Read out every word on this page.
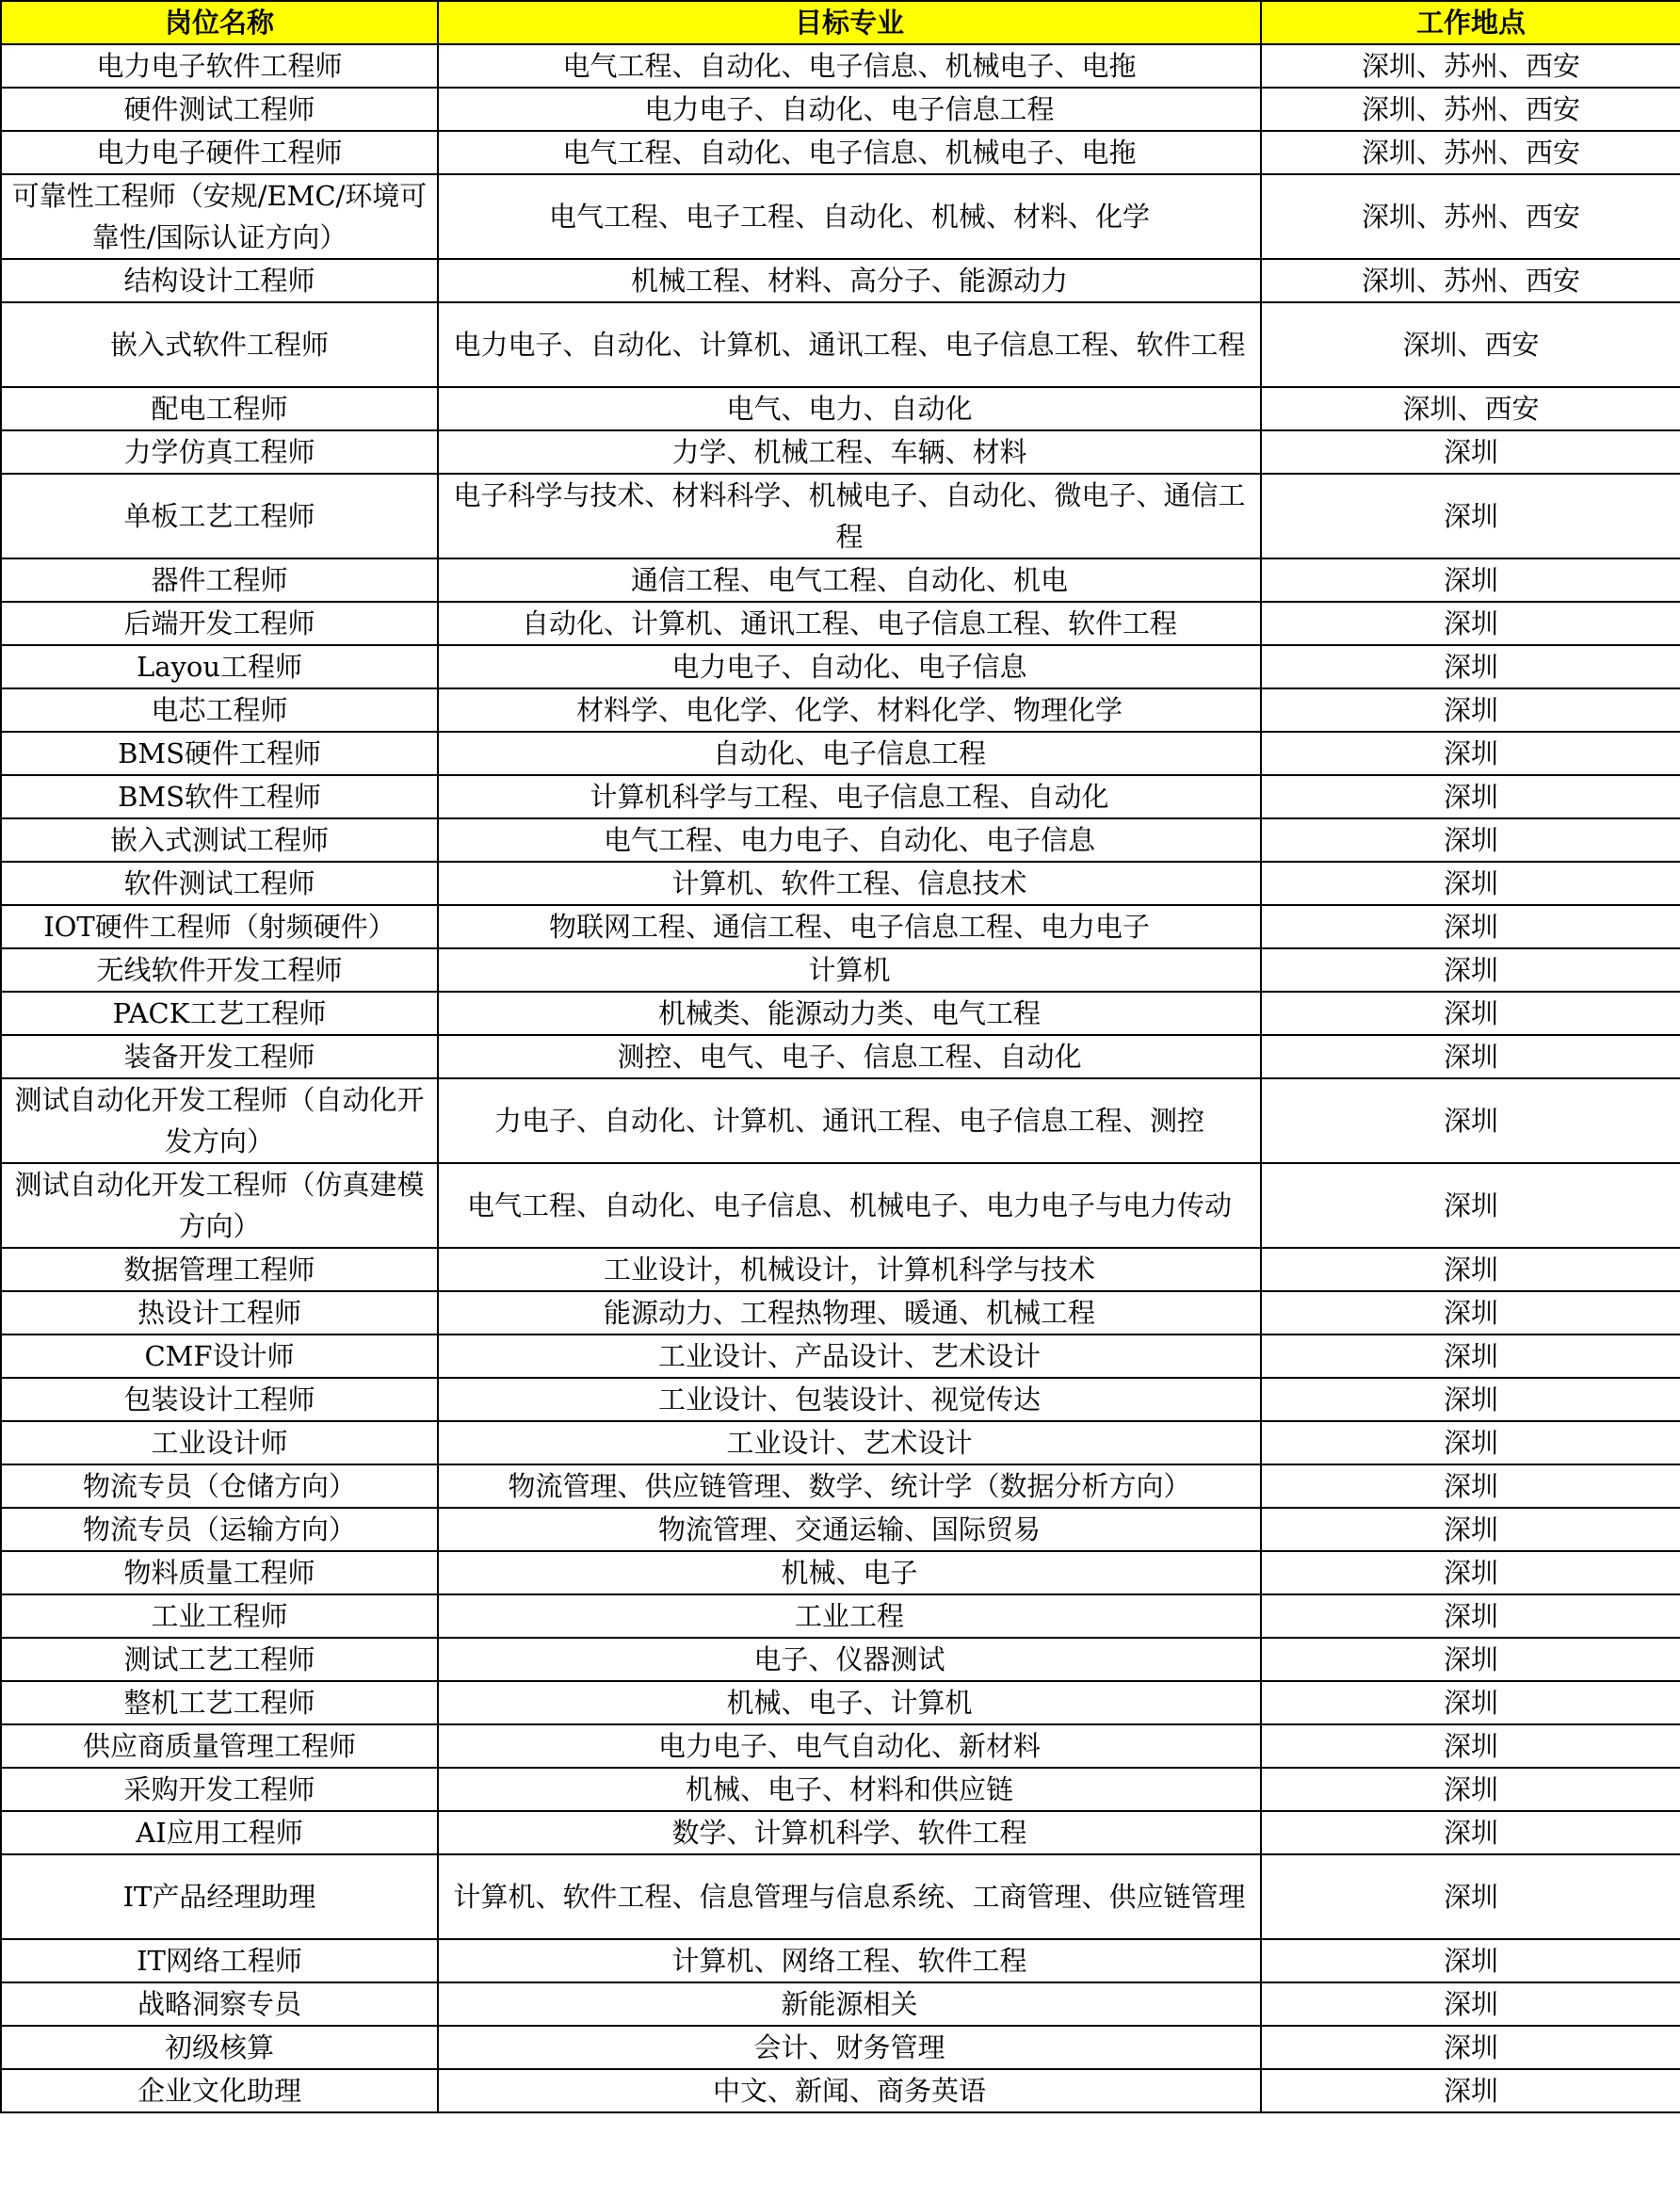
岗位名称	目标专业	工作地点
电力电子软件工程师	电气工程、自动化、电子信息、机械电子、电拖	深圳、苏州、西安
硬件测试工程师	电力电子、自动化、电子信息工程	深圳、苏州、西安
电力电子硬件工程师	电气工程、自动化、电子信息、机械电子、电拖	深圳、苏州、西安
可靠性工程师（安规/EMC/环境可靠性/国际认证方向）	电气工程、电子工程、自动化、机械、材料、化学	深圳、苏州、西安
结构设计工程师	机械工程、材料、高分子、能源动力	深圳、苏州、西安
嵌入式软件工程师	电力电子、自动化、计算机、通讯工程、电子信息工程、软件工程	深圳、西安
配电工程师	电气、电力、自动化	深圳、西安
力学仿真工程师	力学、机械工程、车辆、材料	深圳
单板工艺工程师	电子科学与技术、材料科学、机械电子、自动化、微电子、通信工程	深圳
器件工程师	通信工程、电气工程、自动化、机电	深圳
后端开发工程师	自动化、计算机、通讯工程、电子信息工程、软件工程	深圳
Layou工程师	电力电子、自动化、电子信息	深圳
电芯工程师	材料学、电化学、化学、材料化学、物理化学	深圳
BMS硬件工程师	自动化、电子信息工程	深圳
BMS软件工程师	计算机科学与工程、电子信息工程、自动化	深圳
嵌入式测试工程师	电气工程、电力电子、自动化、电子信息	深圳
软件测试工程师	计算机、软件工程、信息技术	深圳
IOT硬件工程师（射频硬件）	物联网工程、通信工程、电子信息工程、电力电子	深圳
无线软件开发工程师	计算机	深圳
PACK工艺工程师	机械类、能源动力类、电气工程	深圳
装备开发工程师	测控、电气、电子、信息工程、自动化	深圳
测试自动化开发工程师（自动化开发方向）	力电子、自动化、计算机、通讯工程、电子信息工程、测控	深圳
测试自动化开发工程师（仿真建模方向）	电气工程、自动化、电子信息、机械电子、电力电子与电力传动	深圳
数据管理工程师	工业设计，机械设计，计算机科学与技术	深圳
热设计工程师	能源动力、工程热物理、暖通、机械工程	深圳
CMF设计师	工业设计、产品设计、艺术设计	深圳
包装设计工程师	工业设计、包装设计、视觉传达	深圳
工业设计师	工业设计、艺术设计	深圳
物流专员（仓储方向）	物流管理、供应链管理、数学、统计学（数据分析方向）	深圳
物流专员（运输方向）	物流管理、交通运输、国际贸易	深圳
物料质量工程师	机械、电子	深圳
工业工程师	工业工程	深圳
测试工艺工程师	电子、仪器测试	深圳
整机工艺工程师	机械、电子、计算机	深圳
供应商质量管理工程师	电力电子、电气自动化、新材料	深圳
采购开发工程师	机械、电子、材料和供应链	深圳
AI应用工程师	数学、计算机科学、软件工程	深圳
IT产品经理助理	计算机、软件工程、信息管理与信息系统、工商管理、供应链管理	深圳
IT网络工程师	计算机、网络工程、软件工程	深圳
战略洞察专员	新能源相关	深圳
初级核算	会计、财务管理	深圳
企业文化助理	中文、新闻、商务英语	深圳
